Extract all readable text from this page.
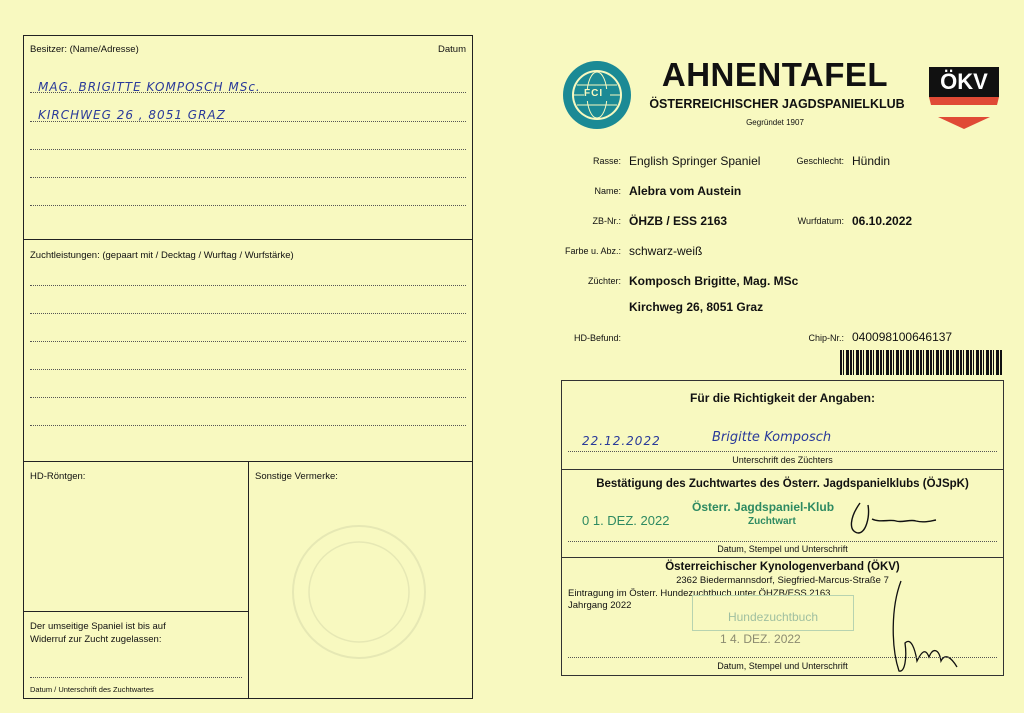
Besitzer: (Name/Adresse)	Datum
MAG. BRIGITTE KOMPOSCH MSc.
KIRCHWEG 26 , 8051 GRAZ
Zuchtleistungen: (gepaart mit / Decktag / Wurftag / Wurfstärke)
HD-Röntgen:	Sonstige Vermerke:
Der umseitige Spaniel ist bis auf
Widerruf zur Zucht zugelassen:
Datum / Unterschrift des Zuchtwartes
FCI
AHNENTAFEL
ÖSTERREICHISCHER JAGDSPANIELKLUB
Gegründet 1907
ÖKV
Rasse: English Springer Spaniel	Geschlecht: Hündin
Name: Alebra vom Austein
ZB-Nr.: ÖHZB / ESS 2163	Wurfdatum: 06.10.2022
Farbe u. Abz.: schwarz-weiß
Züchter: Komposch Brigitte, Mag. MSc
Kirchweg 26, 8051 Graz
HD-Befund:	Chip-Nr.: 040098100646137
Für die Richtigkeit der Angaben:
22.12.2022	Brigitte Komposch
Unterschrift des Züchters
Bestätigung des Zuchtwartes des Österr. Jagdspanielklubs (ÖJSpK)
0 1. DEZ. 2022
Österr. Jagdspaniel-Klub
Zuchtwart
Datum, Stempel und Unterschrift
Österreichischer Kynologenverband (ÖKV)
2362 Biedermannsdorf, Siegfried-Marcus-Straße 7
Eintragung im Österr. Hundezuchtbuch unter ÖHZB/ESS 2163
Jahrgang 2022
Hundezuchtbuch
1 4. DEZ. 2022
Datum, Stempel und Unterschrift
